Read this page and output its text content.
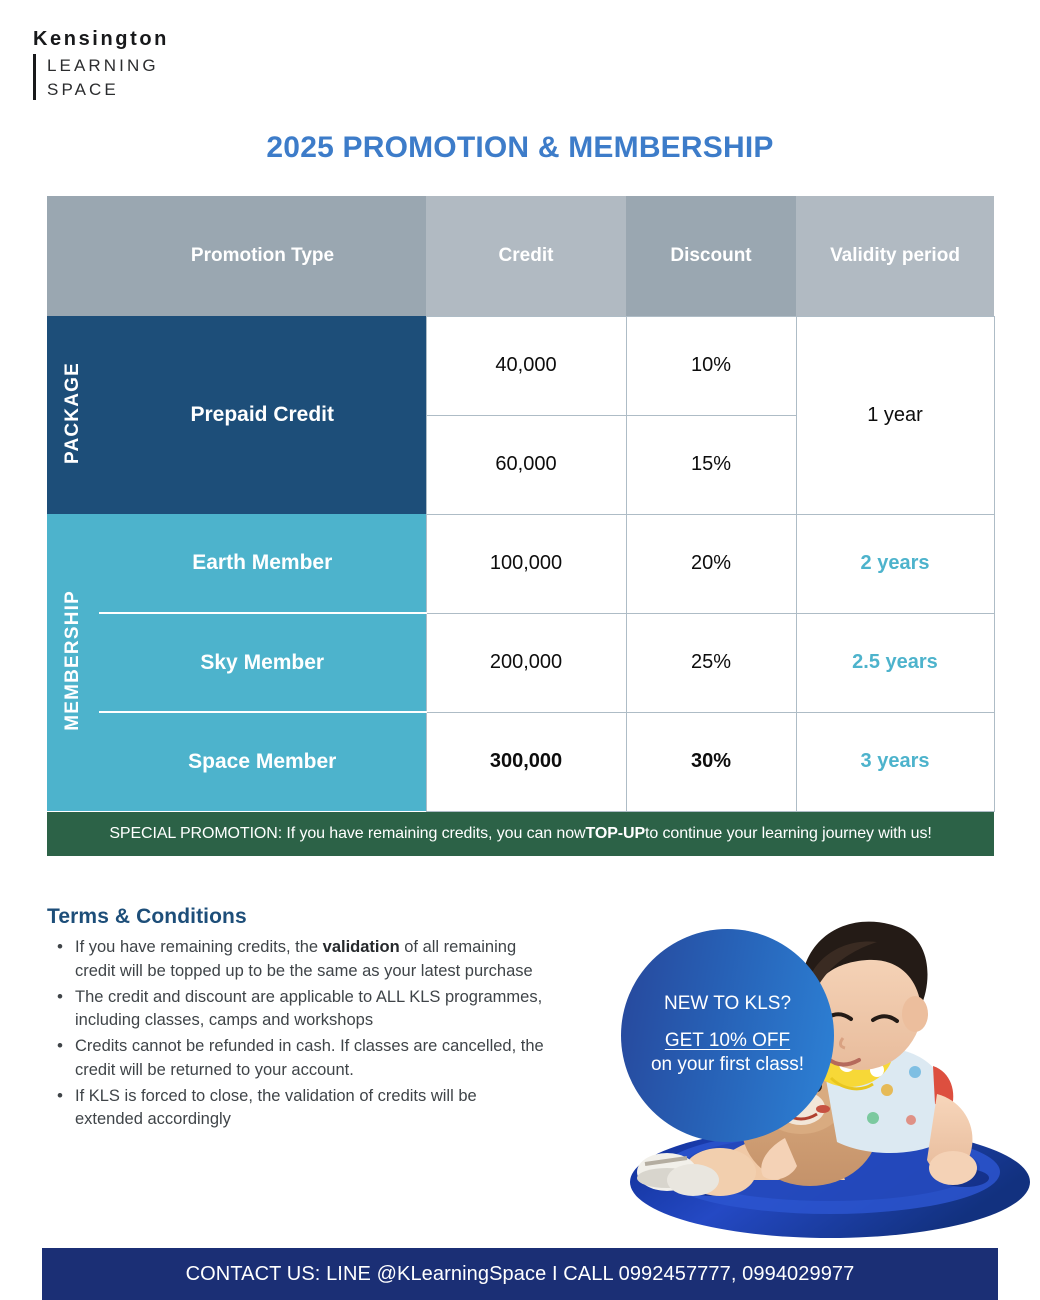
Kensington
LEARNING
SPACE
2025 PROMOTION & MEMBERSHIP
	Promotion Type	Credit	Discount	Validity period
PACKAGE	Prepaid Credit	40,000	10%	1 year
		60,000	15%	
MEMBERSHIP	Earth Member	100,000	20%	2 years
	Sky Member	200,000	25%	2.5 years
	Space Member	300,000	30%	3 years
SPECIAL PROMOTION: If you have remaining credits, you can now TOP-UP to continue your learning journey with us!
Terms & Conditions
• If you have remaining credits, the validation of all remaining credit will be topped up to be the same as your latest purchase
• The credit and discount are applicable to ALL KLS programmes, including classes, camps and workshops
• Credits cannot be refunded in cash. If classes are cancelled, the credit will be returned to your account.
• If KLS is forced to close, the validation of credits will be extended accordingly
NEW TO KLS?
GET 10% OFF
on your first class!
CONTACT US: LINE @KLearningSpace I CALL 0992457777, 0994029977
